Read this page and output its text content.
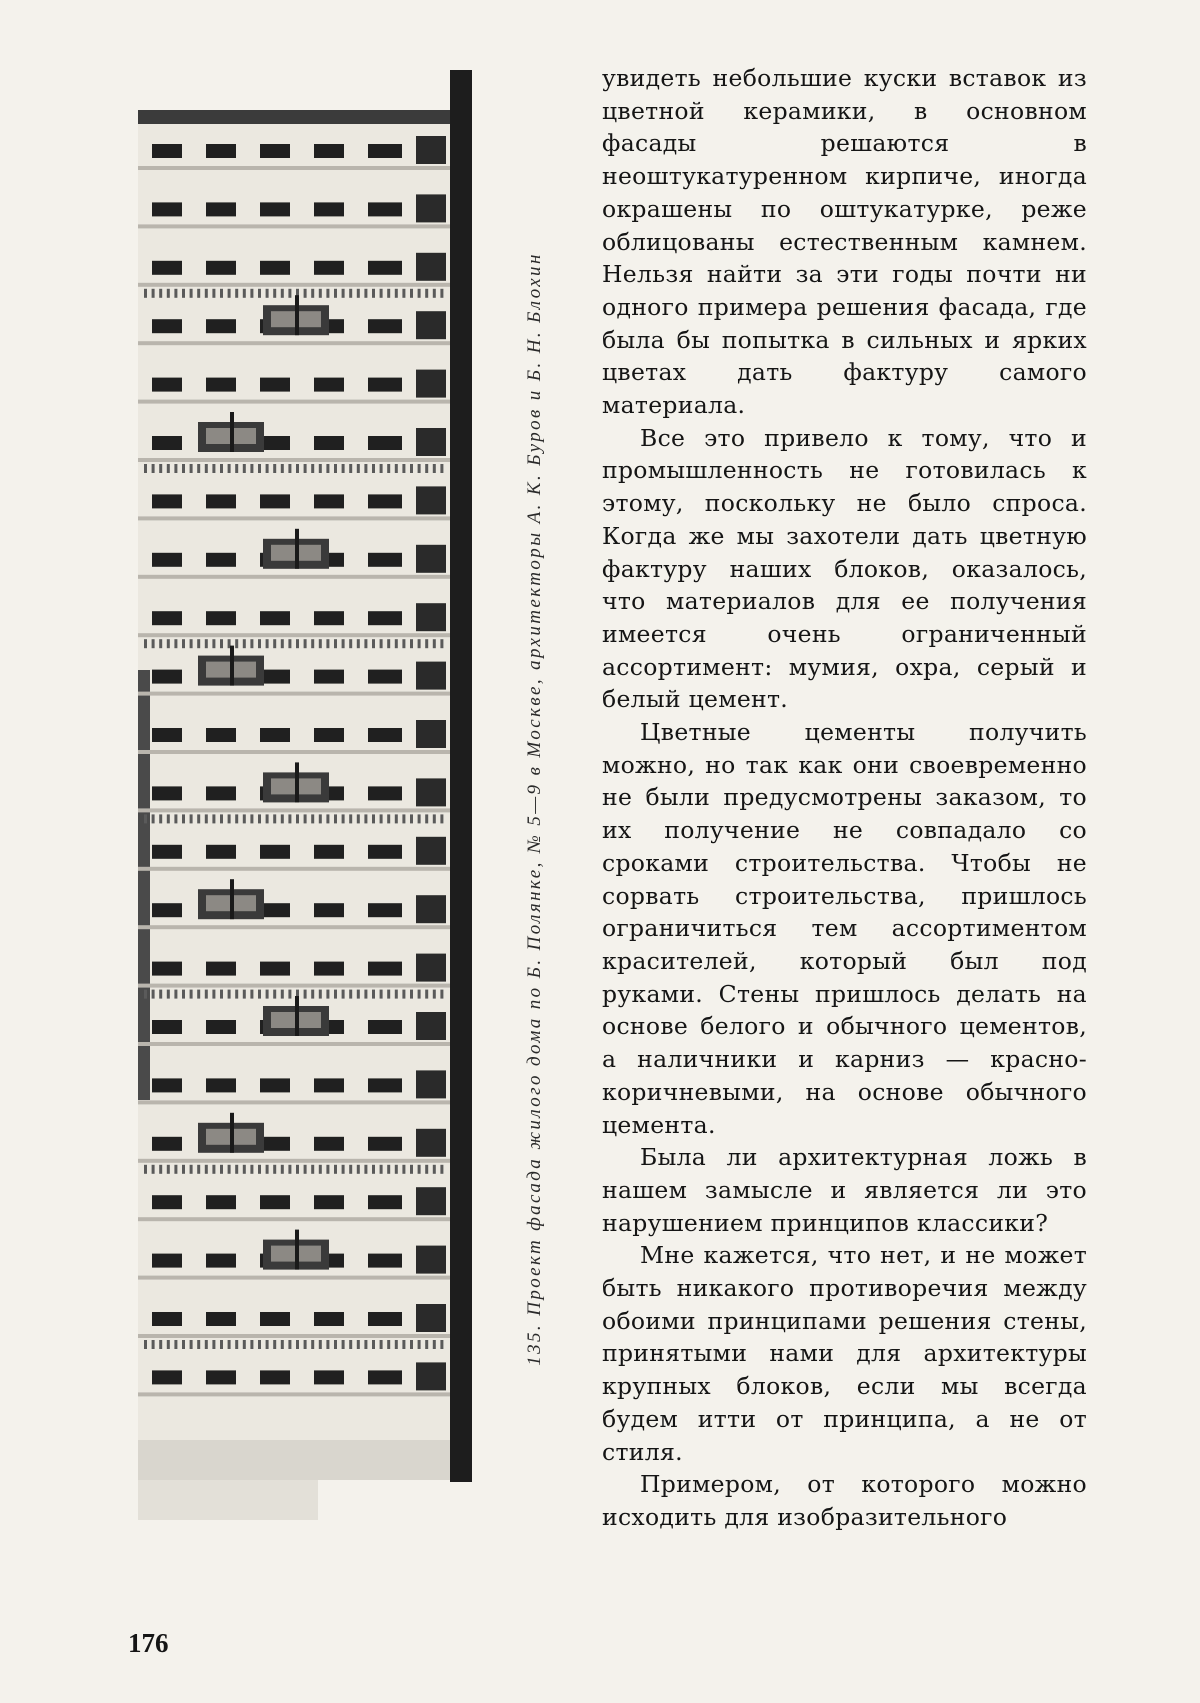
135. Проект фасада жилого дома по Б. Полянке, № 5—9 в Москве, архитекторы А. К. Буров и Б. Н. Блохин

увидеть небольшие куски вставок из цветной керамики, в основном фасады решаются в неоштукатуренном кирпиче, иногда окрашены по оштукатурке, реже облицованы естественным камнем. Нельзя найти за эти годы почти ни одного примера решения фасада, где была бы попытка в сильных и ярких цветах дать фактуру самого материала.

Все это привело к тому, что и промышленность не готовилась к этому, поскольку не было спроса. Когда же мы захотели дать цветную фактуру наших блоков, оказалось, что материалов для ее получения имеется очень ограниченный ассортимент: мумия, охра, серый и белый цемент.

Цветные цементы получить можно, но так как они своевременно не были предусмотрены заказом, то их получение не совпадало со сроками строительства. Чтобы не сорвать строительства, пришлось ограничиться тем ассортиментом красителей, который был под руками. Стены пришлось делать на основе белого и обычного цементов, а наличники и карниз — красно-коричневыми, на основе обычного цемента.

Была ли архитектурная ложь в нашем замысле и является ли это нарушением принципов классики?

Мне кажется, что нет, и не может быть никакого противоречия между обоими принципами решения стены, принятыми нами для архитектуры крупных блоков, если мы всегда будем итти от принципа, а не от стиля.

Примером, от которого можно исходить для изобразительного

176
